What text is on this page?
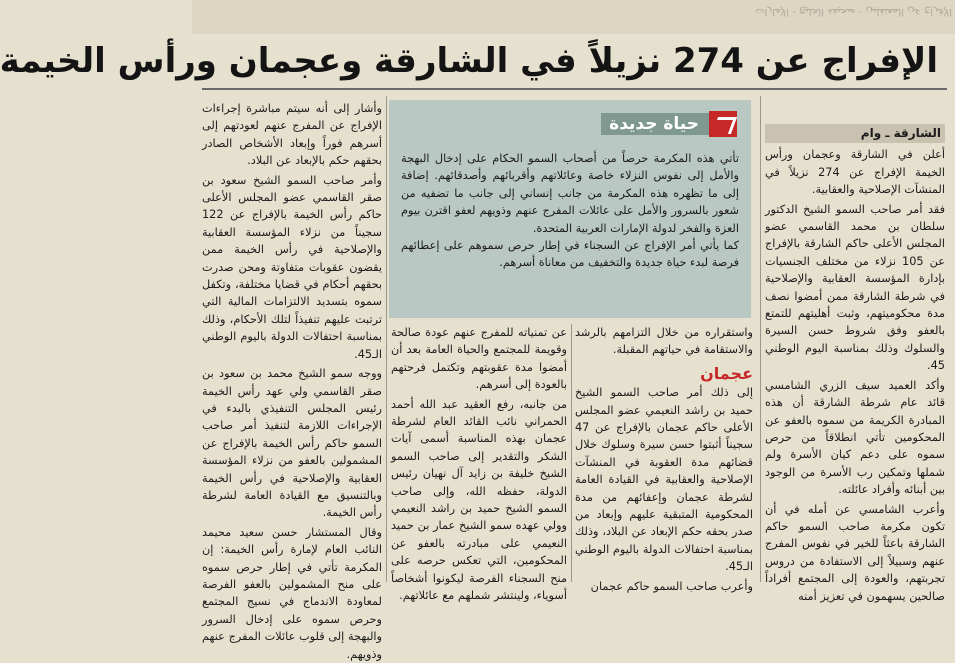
الإفراج عن المعتقلين - صحيفة الخليج - الإمارات
الإفراج عن 274 نزيلاً في الشارقة وعجمان ورأس الخيمة
الشارقة ـ وام

أعلن في الشارقة وعجمان ورأس الخيمة الإفراج عن 274 نزيلاً في المنشآت الإصلاحية والعقابية.

فقد أمر صاحب السمو الشيخ الدكتور سلطان بن محمد القاسمي عضو المجلس الأعلى حاكم الشارقة بالإفراج عن 105 نزلاء من مختلف الجنسيات بإدارة المؤسسة العقابية والإصلاحية في شرطة الشارقة ممن أمضوا نصف مدة محكوميتهم، وثبت أهليتهم للتمتع بالعفو وفق شروط حسن السيرة والسلوك وذلك بمناسبة اليوم الوطني 45.

وأكد العميد سيف الزري الشامسي قائد عام شرطة الشارقة أن هذه المبادرة الكريمة من سموه بالعفو عن المحكومين تأتي انطلاقاً من حرص سموه على دعم كيان الأسرة ولم شملها وتمكين رب الأسرة من الوجود بين أبنائه وأفراد عائلته.

وأعرب الشامسي عن أمله في أن تكون مكرمة صاحب السمو حاكم الشارقة باعثاً للخير في نفوس المفرج عنهم وسبيلاً إلى الاستفادة من دروس تجربتهم، والعودة إلى المجتمع أفراداً صالحين يسهمون في تعزيز أمنه

حياة جديدة

تأتي هذه المكرمة حرصاً من أصحاب السمو الحكام على إدخال البهجة والأمل إلى نفوس النزلاء خاصة وعائلاتهم وأقربائهم وأصدقائهم. إضافة إلى ما تظهره هذه المكرمة من جانب إنساني إلى جانب ما تضفيه من شعور بالسرور والأمل على عائلات المفرج عنهم وذويهم لعفو اقترن بيوم العزة والفخر لدولة الإمارات العربية المتحدة.

كما يأتي أمر الإفراج عن السجناء في إطار حرص سموهم على إعطائهم فرصة لبدء حياة جديدة والتخفيف من معاناة أسرهم.

واستقراره من خلال التزامهم بالرشد والاستقامة في حياتهم المقبلة.

عجمان

إلى ذلك أمر صاحب السمو الشيخ حميد بن راشد النعيمي عضو المجلس الأعلى حاكم عجمان بالإفراج عن 47 سجيناً أثبتوا حسن سيرة وسلوك خلال قضائهم مدة العقوبة في المنشآت الإصلاحية والعقابية في القيادة العامة لشرطة عجمان وإعفائهم من مدة المحكومية المتبقية عليهم وإبعاد من صدر بحقه حكم الإبعاد عن البلاد، وذلك بمناسبة احتفالات الدولة باليوم الوطني الـ45.

وأعرب صاحب السمو حاكم عجمان

عن تمنياته للمفرج عنهم عودة صالحة وقويمة للمجتمع والحياة العامة بعد أن أمضوا مدة عقوبتهم وتكتمل فرحتهم بالعودة إلى أسرهم.

من جانبه، رفع العقيد عبد الله أحمد الحمراني نائب القائد العام لشرطة عجمان بهذه المناسبة أسمى آيات الشكر والتقدير إلى صاحب السمو الشيخ خليفة بن زايد آل نهيان رئيس الدولة، حفظه الله، وإلى صاحب السمو الشيخ حميد بن راشد النعيمي وولي عهده سمو الشيخ عمار بن حميد النعيمي على مبادرته بالعفو عن المحكومين، التي تعكس حرصه على منح السجناء الفرصة ليكونوا أشخاصاً أسوياء، ولينتشر شملهم مع عائلاتهم.

وأشار إلى أنه سيتم مباشرة إجراءات الإفراج عن المفرج عنهم لعودتهم إلى أسرهم فوراً وإبعاد الأشخاص الصادر بحقهم حكم بالإبعاد عن البلاد.

وأمر صاحب السمو الشيخ سعود بن صقر القاسمي عضو المجلس الأعلى حاكم رأس الخيمة بالإفراج عن 122 سجيناً من نزلاء المؤسسة العقابية والإصلاحية في رأس الخيمة ممن يقضون عقوبات متفاوتة ومحن صدرت بحقهم أحكام في قضايا مختلفة، وتكفل سموه بتسديد الالتزامات المالية التي ترتبت عليهم تنفيذاً لتلك الأحكام، وذلك بمناسبة احتفالات الدولة باليوم الوطني الـ45.

ووجه سمو الشيخ محمد بن سعود بن صقر القاسمي ولي عهد رأس الخيمة رئيس المجلس التنفيذي بالبدء في الإجراءات اللازمة لتنفيذ أمر صاحب السمو حاكم رأس الخيمة بالإفراج عن المشمولين بالعفو من نزلاء المؤسسة العقابية والإصلاحية في رأس الخيمة وبالتنسيق مع القيادة العامة لشرطة رأس الخيمة.

وقال المستشار حسن سعيد محيمد النائب العام لإمارة رأس الخيمة: إن المكرمة تأتي في إطار حرص سموه على منح المشمولين بالعفو الفرصة لمعاودة الاندماج في نسيج المجتمع وحرص سموه على إدخال السرور والبهجة إلى قلوب عائلات المفرج عنهم وذويهم.
